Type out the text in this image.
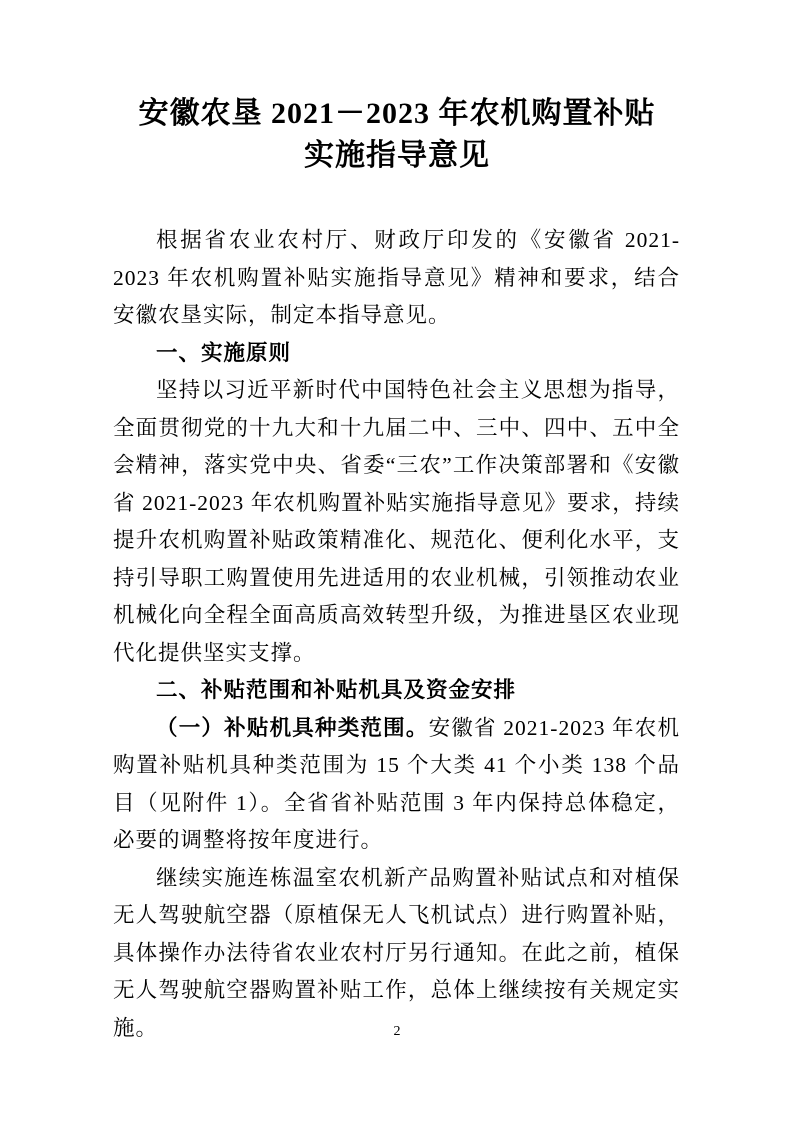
安徽农垦 2021－2023 年农机购置补贴
实施指导意见

根据省农业农村厅、财政厅印发的《安徽省 2021-2023 年农机购置补贴实施指导意见》精神和要求，结合安徽农垦实际，制定本指导意见。

一、实施原则

坚持以习近平新时代中国特色社会主义思想为指导，全面贯彻党的十九大和十九届二中、三中、四中、五中全会精神，落实党中央、省委“三农”工作决策部署和《安徽省 2021-2023 年农机购置补贴实施指导意见》要求，持续提升农机购置补贴政策精准化、规范化、便利化水平，支持引导职工购置使用先进适用的农业机械，引领推动农业机械化向全程全面高质高效转型升级，为推进垦区农业现代化提供坚实支撑。

二、补贴范围和补贴机具及资金安排

（一）补贴机具种类范围。安徽省 2021-2023 年农机购置补贴机具种类范围为 15 个大类 41 个小类 138 个品目（见附件 1）。全省省补贴范围 3 年内保持总体稳定，必要的调整将按年度进行。

继续实施连栋温室农机新产品购置补贴试点和对植保无人驾驶航空器（原植保无人飞机试点）进行购置补贴，具体操作办法待省农业农村厅另行通知。在此之前，植保无人驾驶航空器购置补贴工作，总体上继续按有关规定实施。	2
